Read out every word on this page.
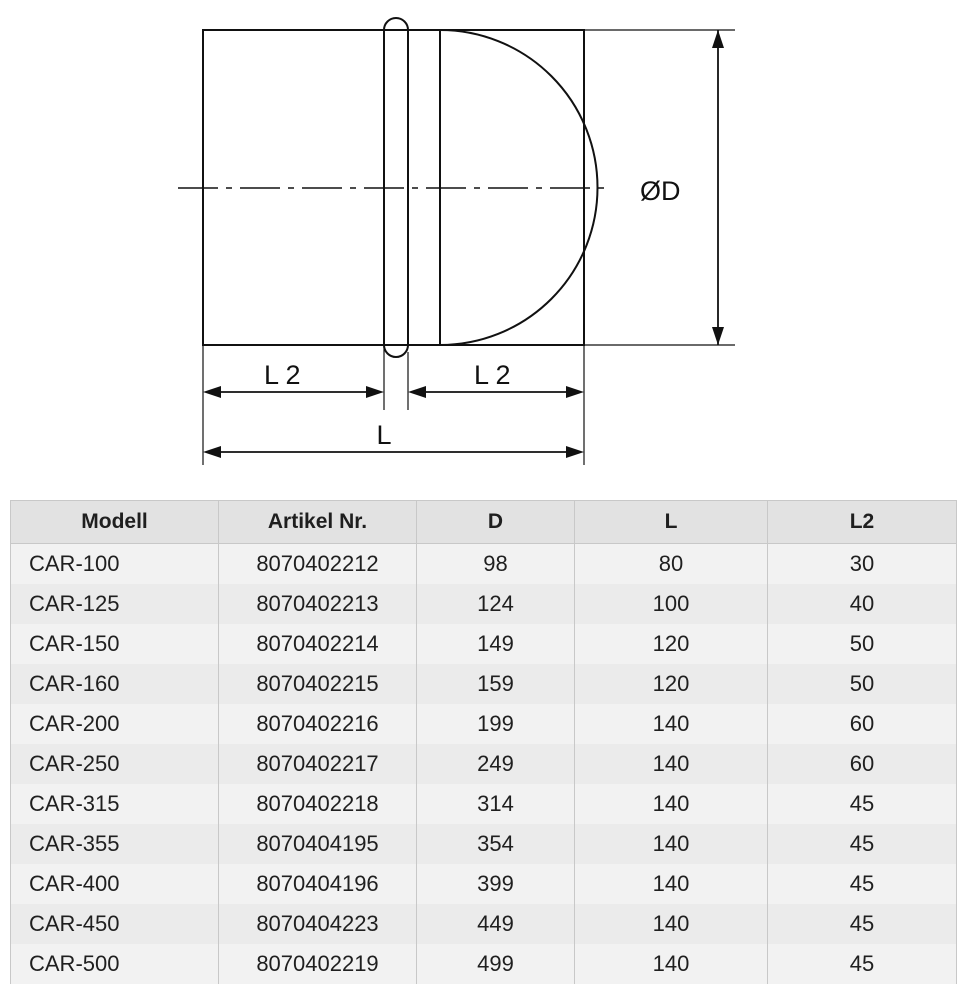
ØD
L 2	L 2
L
Modell	Artikel Nr.	D	L	L2
CAR-100	8070402212	98	80	30
CAR-125	8070402213	124	100	40
CAR-150	8070402214	149	120	50
CAR-160	8070402215	159	120	50
CAR-200	8070402216	199	140	60
CAR-250	8070402217	249	140	60
CAR-315	8070402218	314	140	45
CAR-355	8070404195	354	140	45
CAR-400	8070404196	399	140	45
CAR-450	8070404223	449	140	45
CAR-500	8070402219	499	140	45
